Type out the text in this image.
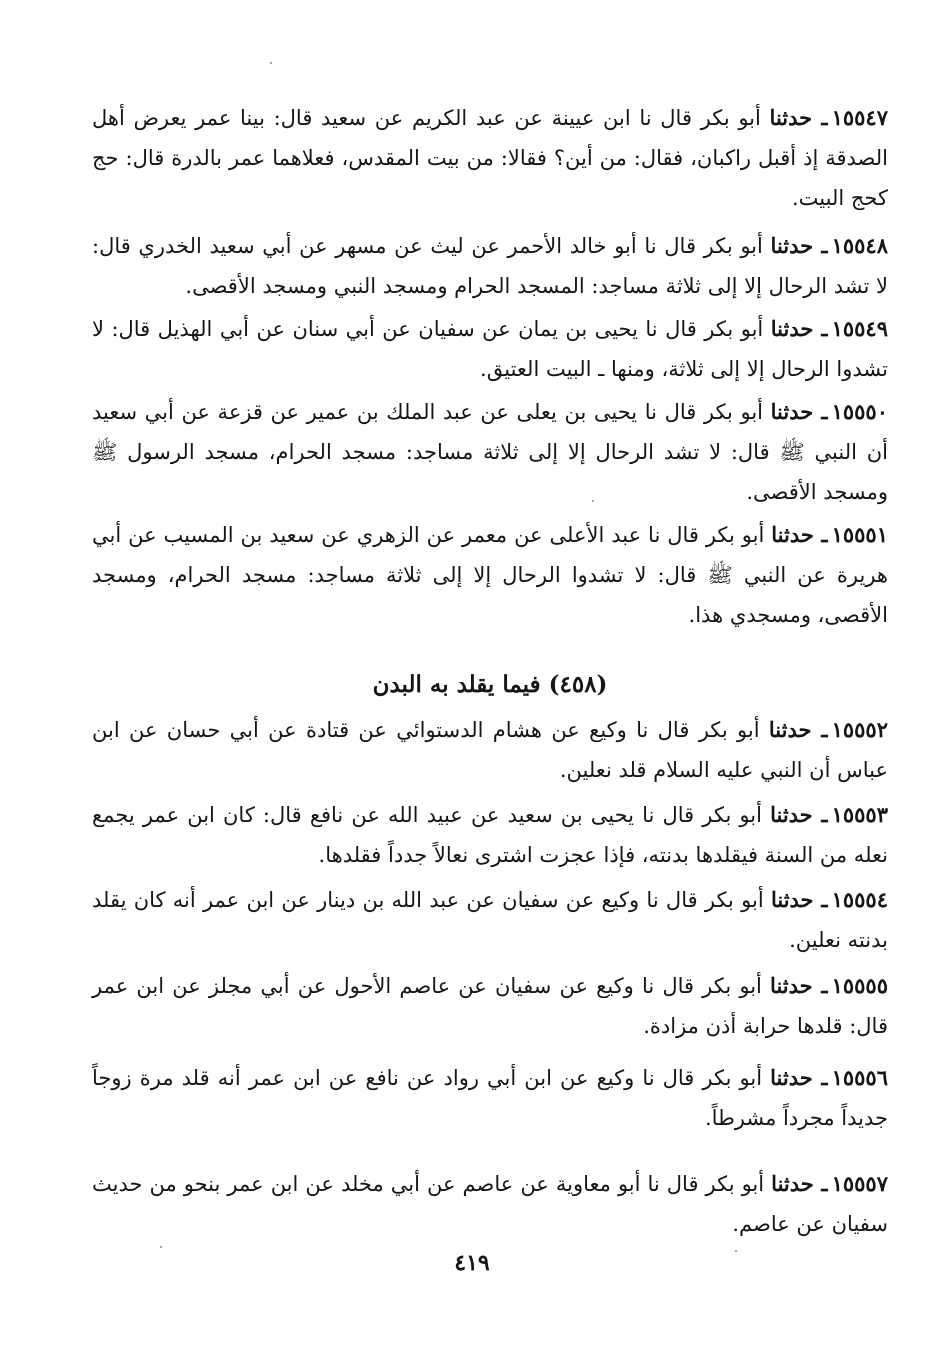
١٥٥٤٧ـ حدثنا أبو بكر قال نا ابن عيينة عن عبد الكريم عن سعيد قال: بينا عمر يعرض أهل الصدقة إذ أقبل راكبان، فقال: من أين؟ فقالا: من بيت المقدس، فعلاهما عمر بالدرة قال: حج كحج البيت.

١٥٥٤٨ـ حدثنا أبو بكر قال نا أبو خالد الأحمر عن ليث عن مسهر عن أبي سعيد الخدري قال: لا تشد الرحال إلا إلى ثلاثة مساجد: المسجد الحرام ومسجد النبي ومسجد الأقصى.

١٥٥٤٩ـ حدثنا أبو بكر قال نا يحيى بن يمان عن سفيان عن أبي سنان عن أبي الهذيل قال: لا تشدوا الرحال إلا إلى ثلاثة، ومنها ـ البيت العتيق.

١٥٥٥٠ـ حدثنا أبو بكر قال نا يحيى بن يعلى عن عبد الملك بن عمير عن قزعة عن أبي سعيد أن النبي ﷺ قال: لا تشد الرحال إلا إلى ثلاثة مساجد: مسجد الحرام، مسجد الرسول ﷺ ومسجد الأقصى.

١٥٥٥١ـ حدثنا أبو بكر قال نا عبد الأعلى عن معمر عن الزهري عن سعيد بن المسيب عن أبي هريرة عن النبي ﷺ قال: لا تشدوا الرحال إلا إلى ثلاثة مساجد: مسجد الحرام، ومسجد الأقصى، ومسجدي هذا.

(٤٥٨) فيما يقلد به البدن

١٥٥٥٢ـ حدثنا أبو بكر قال نا وكيع عن هشام الدستوائي عن قتادة عن أبي حسان عن ابن عباس أن النبي عليه السلام قلد نعلين.

١٥٥٥٣ـ حدثنا أبو بكر قال نا يحيى بن سعيد عن عبيد الله عن نافع قال: كان ابن عمر يجمع نعله من السنة فيقلدها بدنته، فإذا عجزت اشترى نعالاً جدداً فقلدها.

١٥٥٥٤ـ حدثنا أبو بكر قال نا وكيع عن سفيان عن عبد الله بن دينار عن ابن عمر أنه كان يقلد بدنته نعلين.

١٥٥٥٥ـ حدثنا أبو بكر قال نا وكيع عن سفيان عن عاصم الأحول عن أبي مجلز عن ابن عمر قال: قلدها حرابة أذن مزادة.

١٥٥٥٦ـ حدثنا أبو بكر قال نا وكيع عن ابن أبي رواد عن نافع عن ابن عمر أنه قلد مرة زوجاً جديداً مجرداً مشرطاً.

١٥٥٥٧ـ حدثنا أبو بكر قال نا أبو معاوية عن عاصم عن أبي مخلد عن ابن عمر بنحو من حديث سفيان عن عاصم.

٤١٩
